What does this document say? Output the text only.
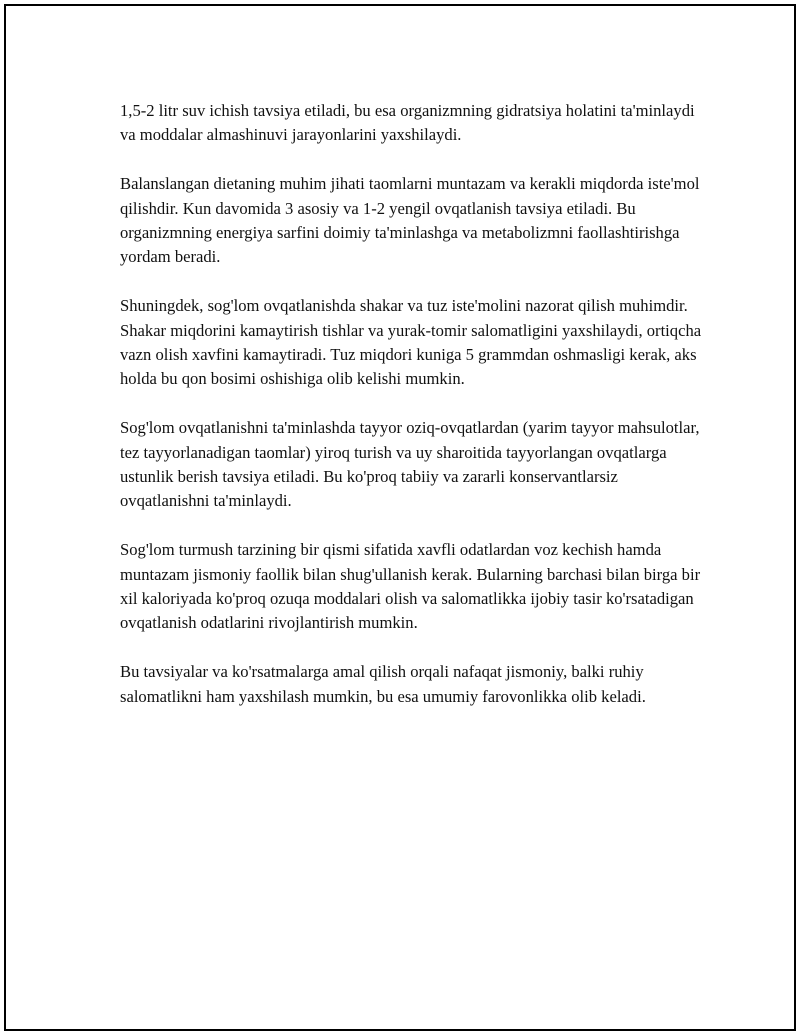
1,5-2 litr suv ichish tavsiya etiladi, bu esa organizmning gidratsiya holatini ta'minlaydi va moddalar almashinuvi jarayonlarini yaxshilaydi.

Balanslangan dietaning muhim jihati taomlarni muntazam va kerakli miqdorda iste'mol qilishdir. Kun davomida 3 asosiy va 1-2 yengil ovqatlanish tavsiya etiladi. Bu organizmning energiya sarfini doimiy ta'minlashga va metabolizmni faollashtirishga yordam beradi.

Shuningdek, sog'lom ovqatlanishda shakar va tuz iste'molini nazorat qilish muhimdir. Shakar miqdorini kamaytirish tishlar va yurak-tomir salomatligini yaxshilaydi, ortiqcha vazn olish xavfini kamaytiradi. Tuz miqdori kuniga 5 grammdan oshmasligi kerak, aks holda bu qon bosimi oshishiga olib kelishi mumkin.

Sog'lom ovqatlanishni ta'minlashda tayyor oziq-ovqatlardan (yarim tayyor mahsulotlar, tez tayyorlanadigan taomlar) yiroq turish va uy sharoitida tayyorlangan ovqatlarga ustunlik berish tavsiya etiladi. Bu ko'proq tabiiy va zararli konservantlarsiz ovqatlanishni ta'minlaydi.

Sog'lom turmush tarzining bir qismi sifatida xavfli odatlardan voz kechish hamda muntazam jismoniy faollik bilan shug'ullanish kerak. Bularning barchasi bilan birga bir xil kaloriyada ko'proq ozuqa moddalari olish va salomatlikka ijobiy tasir ko'rsatadigan ovqatlanish odatlarini rivojlantirish mumkin.

Bu tavsiyalar va ko'rsatmalarga amal qilish orqali nafaqat jismoniy, balki ruhiy salomatlikni ham yaxshilash mumkin, bu esa umumiy farovonlikka olib keladi.
